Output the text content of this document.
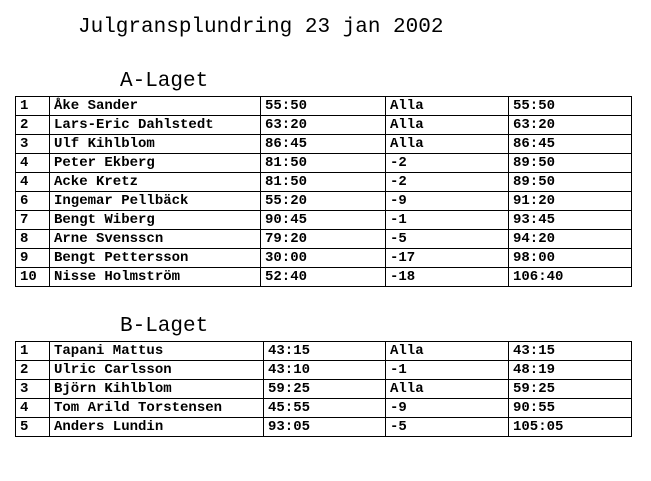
Julgransplundring 23 jan 2002
A-Laget
1	Åke Sander	55:50	Alla	55:50
2	Lars-Eric Dahlstedt	63:20	Alla	63:20
3	Ulf Kihlblom	86:45	Alla	86:45
4	Peter Ekberg	81:50	-2	89:50
4	Acke Kretz	81:50	-2	89:50
6	Ingemar Pellbäck	55:20	-9	91:20
7	Bengt Wiberg	90:45	-1	93:45
8	Arne Svensscn	79:20	-5	94:20
9	Bengt Pettersson	30:00	-17	98:00
10	Nisse Holmström	52:40	-18	106:40
B-Laget
1	Tapani Mattus	43:15	Alla	43:15
2	Ulric Carlsson	43:10	-1	48:19
3	Björn Kihlblom	59:25	Alla	59:25
4	Tom Arild Torstensen	45:55	-9	90:55
5	Anders Lundin	93:05	-5	105:05
